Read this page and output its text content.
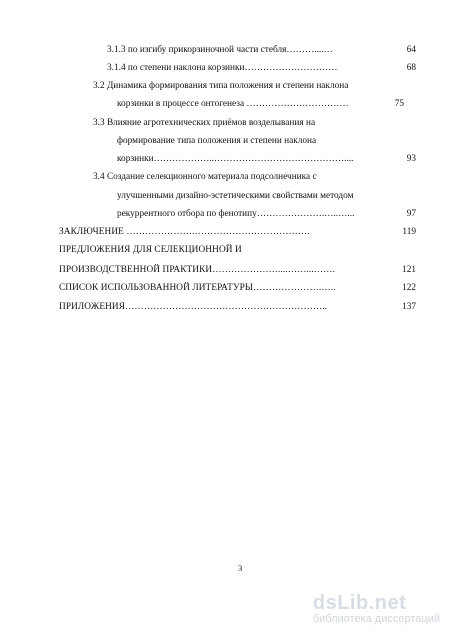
3.1.3 по изгибу прикорзиночной части стебля………....…	64
3.1.4 по степени наклона корзинки…………………………	68
3.2 Динамика формирования типа положения и степени наклона
корзинки в процессе онтогенеза ……………………………	75
3.3 Влияние агротехнических приёмов возделывания на
формирование типа положения и степени наклона
корзинки………………..……………………………………....	93
3.4 Создание селекционного материала подсолнечника с
улучшенными дизайно-эстетическими свойствами методом
рекуррентного отбора по фенотипу………………….…..…...	97
ЗАКЛЮЧЕНИЕ ………………….……………………………….	119
ПРЕДЛОЖЕНИЯ ДЛЯ СЕЛЕКЦИОННОЙ И
ПРОИЗВОДСТВЕННОЙ ПРАКТИКИ…………………....……...…….	121
СПИСОК ИСПОЛЬЗОВАННОЙ ЛИТЕРАТУРЫ………………….…..	122
ПРИЛОЖЕНИЯ………………………………………………………..	137
3
dsLib.net
библиотека диссертаций
